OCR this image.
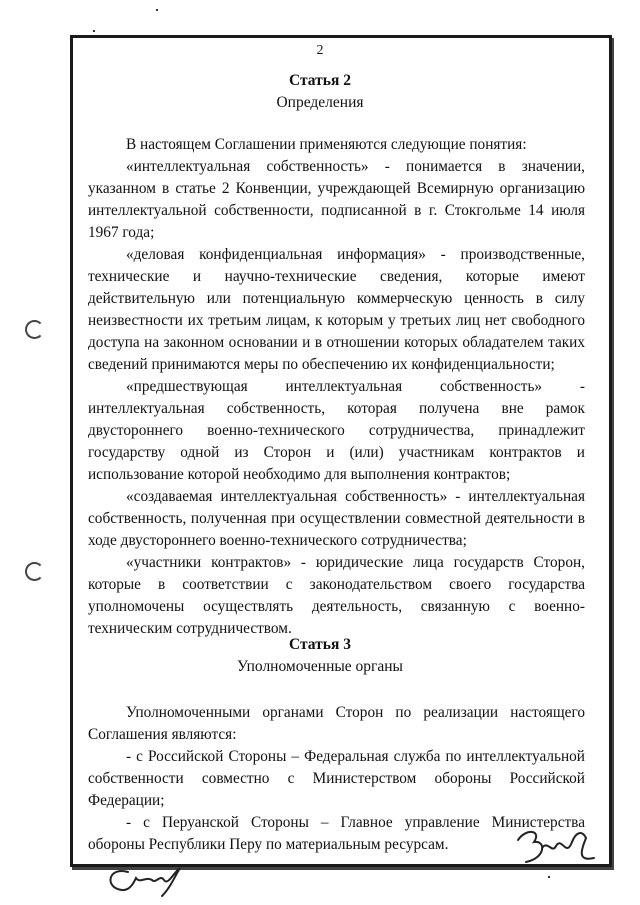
2
Статья 2
Определения

В настоящем Соглашении применяются следующие понятия:

«интеллектуальная собственность» - понимается в значении, указанном в статье 2 Конвенции, учреждающей Всемирную организацию интеллектуальной собственности, подписанной в г. Стокгольме 14 июля 1967 года;

«деловая конфиденциальная информация» - производственные, технические и научно-технические сведения, которые имеют действительную или потенциальную коммерческую ценность в силу неизвестности их третьим лицам, к которым у третьих лиц нет свободного доступа на законном основании и в отношении которых обладателем таких сведений принимаются меры по обеспечению их конфиденциальности;

«предшествующая интеллектуальная собственность» - интеллектуальная собственность, которая получена вне рамок двустороннего военно-технического сотрудничества, принадлежит государству одной из Сторон и (или) участникам контрактов и использование которой необходимо для выполнения контрактов;

«создаваемая интеллектуальная собственность» - интеллектуальная собственность, полученная при осуществлении совместной деятельности в ходе двустороннего военно-технического сотрудничества;

«участники контрактов» - юридические лица государств Сторон, которые в соответствии с законодательством своего государства уполномочены осуществлять деятельность, связанную с военно-техническим сотрудничеством.

Статья 3
Уполномоченные органы

Уполномоченными органами Сторон по реализации настоящего Соглашения являются:

- с Российской Стороны – Федеральная служба по интеллектуальной собственности совместно с Министерством обороны Российской Федерации;

- с Перуанской Стороны – Главное управление Министерства обороны Республики Перу по материальным ресурсам.
